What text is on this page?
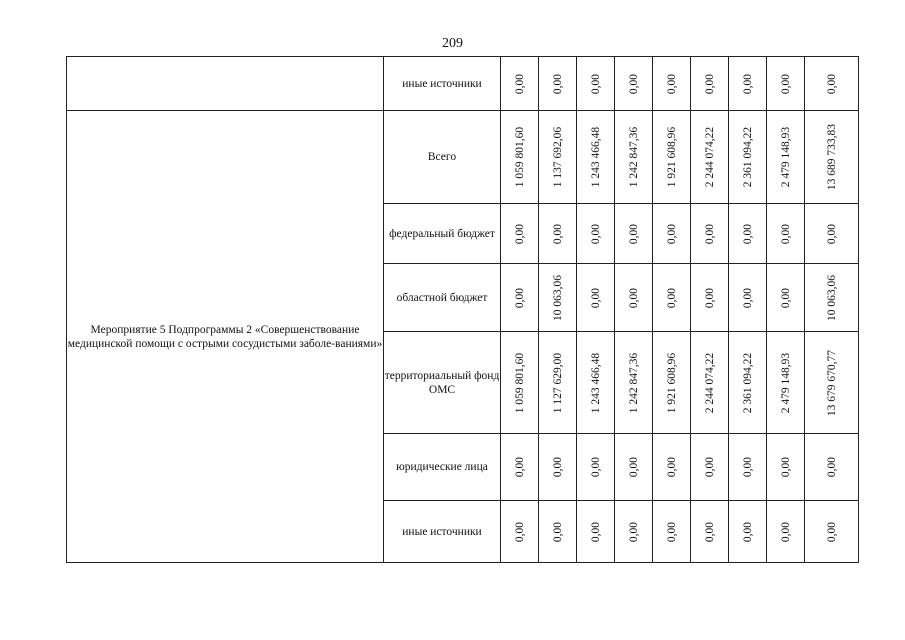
209
	иные источники	0,00	0,00	0,00	0,00	0,00	0,00	0,00	0,00	0,00

Мероприятие 5 Подпрограммы 2 «Совершенствование медицинской помощи с острыми сосудистыми заболе-ваниями»	Всего	1 059 801,60	1 137 692,06	1 243 466,48	1 242 847,36	1 921 608,96	2 244 074,22	2 361 094,22	2 479 148,93	13 689 733,83

	федеральный бюджет	0,00	0,00	0,00	0,00	0,00	0,00	0,00	0,00	0,00

	областной бюджет	0,00	10 063,06	0,00	0,00	0,00	0,00	0,00	0,00	10 063,06

	территориальный фонд ОМС	1 059 801,60	1 127 629,00	1 243 466,48	1 242 847,36	1 921 608,96	2 244 074,22	2 361 094,22	2 479 148,93	13 679 670,77

	юридические лица	0,00	0,00	0,00	0,00	0,00	0,00	0,00	0,00	0,00

	иные источники	0,00	0,00	0,00	0,00	0,00	0,00	0,00	0,00	0,00
